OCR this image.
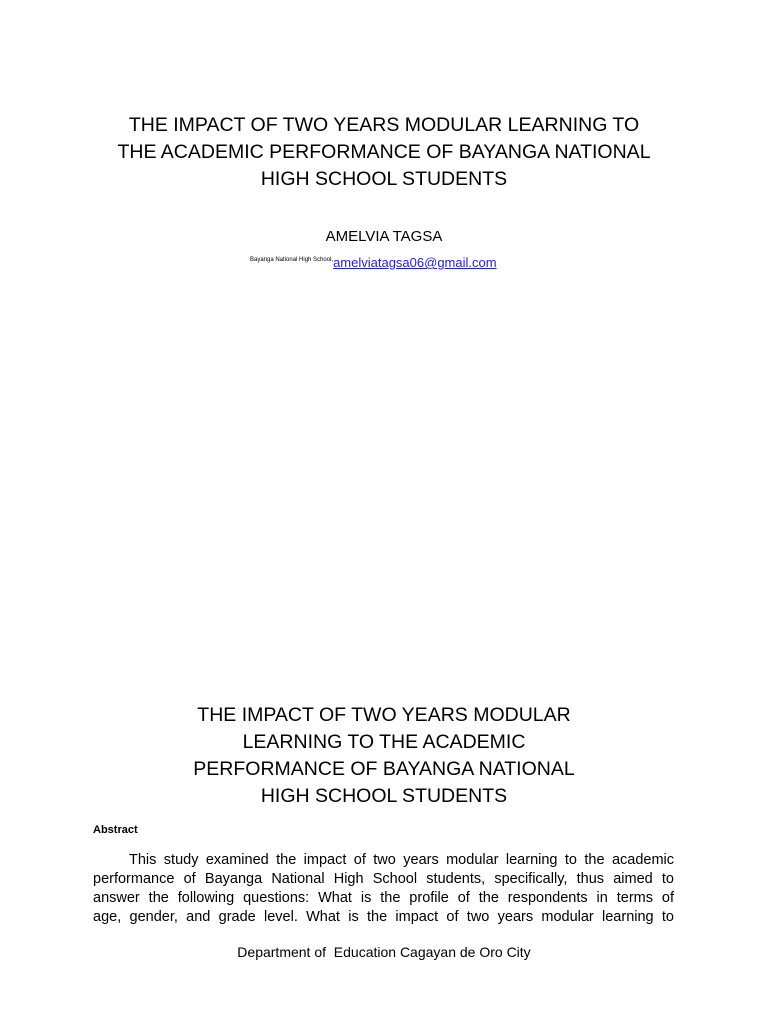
THE IMPACT OF TWO YEARS MODULAR LEARNING TO
THE ACADEMIC PERFORMANCE OF BAYANGA NATIONAL
HIGH SCHOOL STUDENTS
AMELVIA TAGSA
$^{Bayanga National High School,}$amelviatagsa06@gmail.com
THE IMPACT OF TWO YEARS MODULAR
LEARNING TO THE ACADEMIC
PERFORMANCE OF BAYANGA NATIONAL
HIGH SCHOOL STUDENTS
Abstract
This study examined the impact of two years modular learning to the academic
performance of Bayanga National High School students, specifically, thus aimed to
answer the following questions: What is the profile of the respondents in terms of
age, gender, and grade level. What is the impact of two years modular learning to
Department of  Education Cagayan de Oro City
